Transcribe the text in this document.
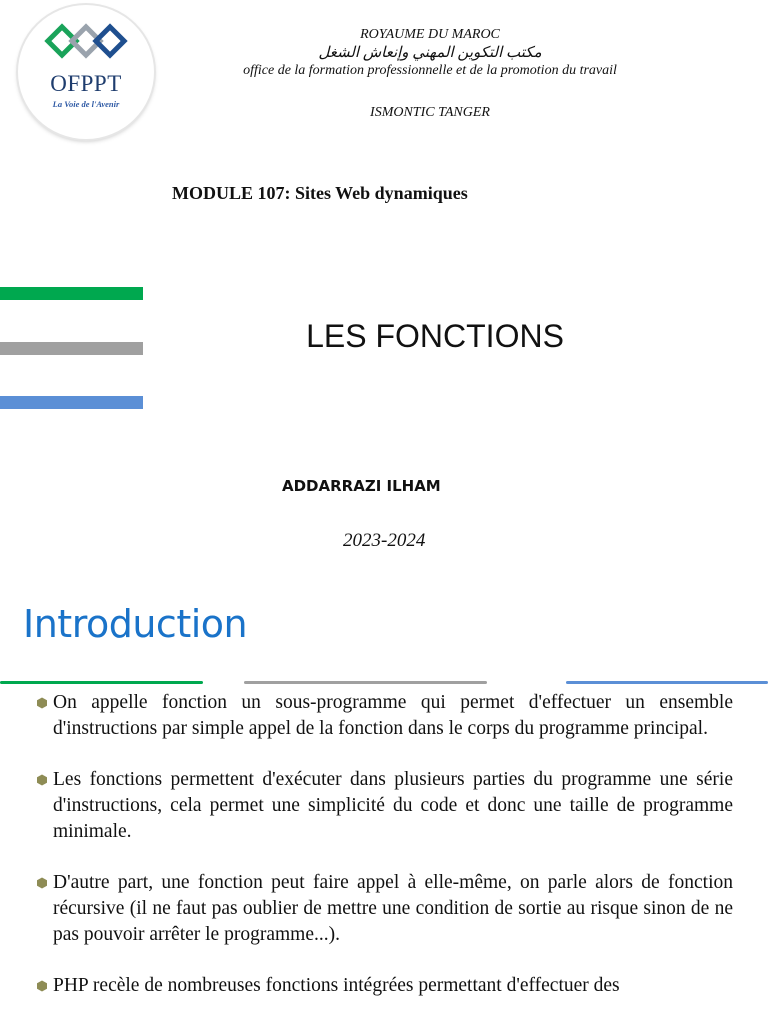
OFPPT
La Voie de l'Avenir
ROYAUME DU MAROC
مكتب التكوين المهني وإنعاش الشغل
office de la formation professionnelle et de la promotion du travail
ISMONTIC TANGER
MODULE 107: Sites Web dynamiques
LES FONCTIONS
ADDARRAZI ILHAM
2023-2024
Introduction
On appelle fonction un sous-programme qui permet d'effectuer un ensemble d'instructions par simple appel de la fonction dans le corps du programme principal.
Les fonctions permettent d'exécuter dans plusieurs parties du programme une série d'instructions, cela permet une simplicité du code et donc une taille de programme minimale.
D'autre part, une fonction peut faire appel à elle-même, on parle alors de fonction récursive (il ne faut pas oublier de mettre une condition de sortie au risque sinon de ne pas pouvoir arrêter le programme...).
PHP recèle de nombreuses fonctions intégrées permettant d'effectuer des
